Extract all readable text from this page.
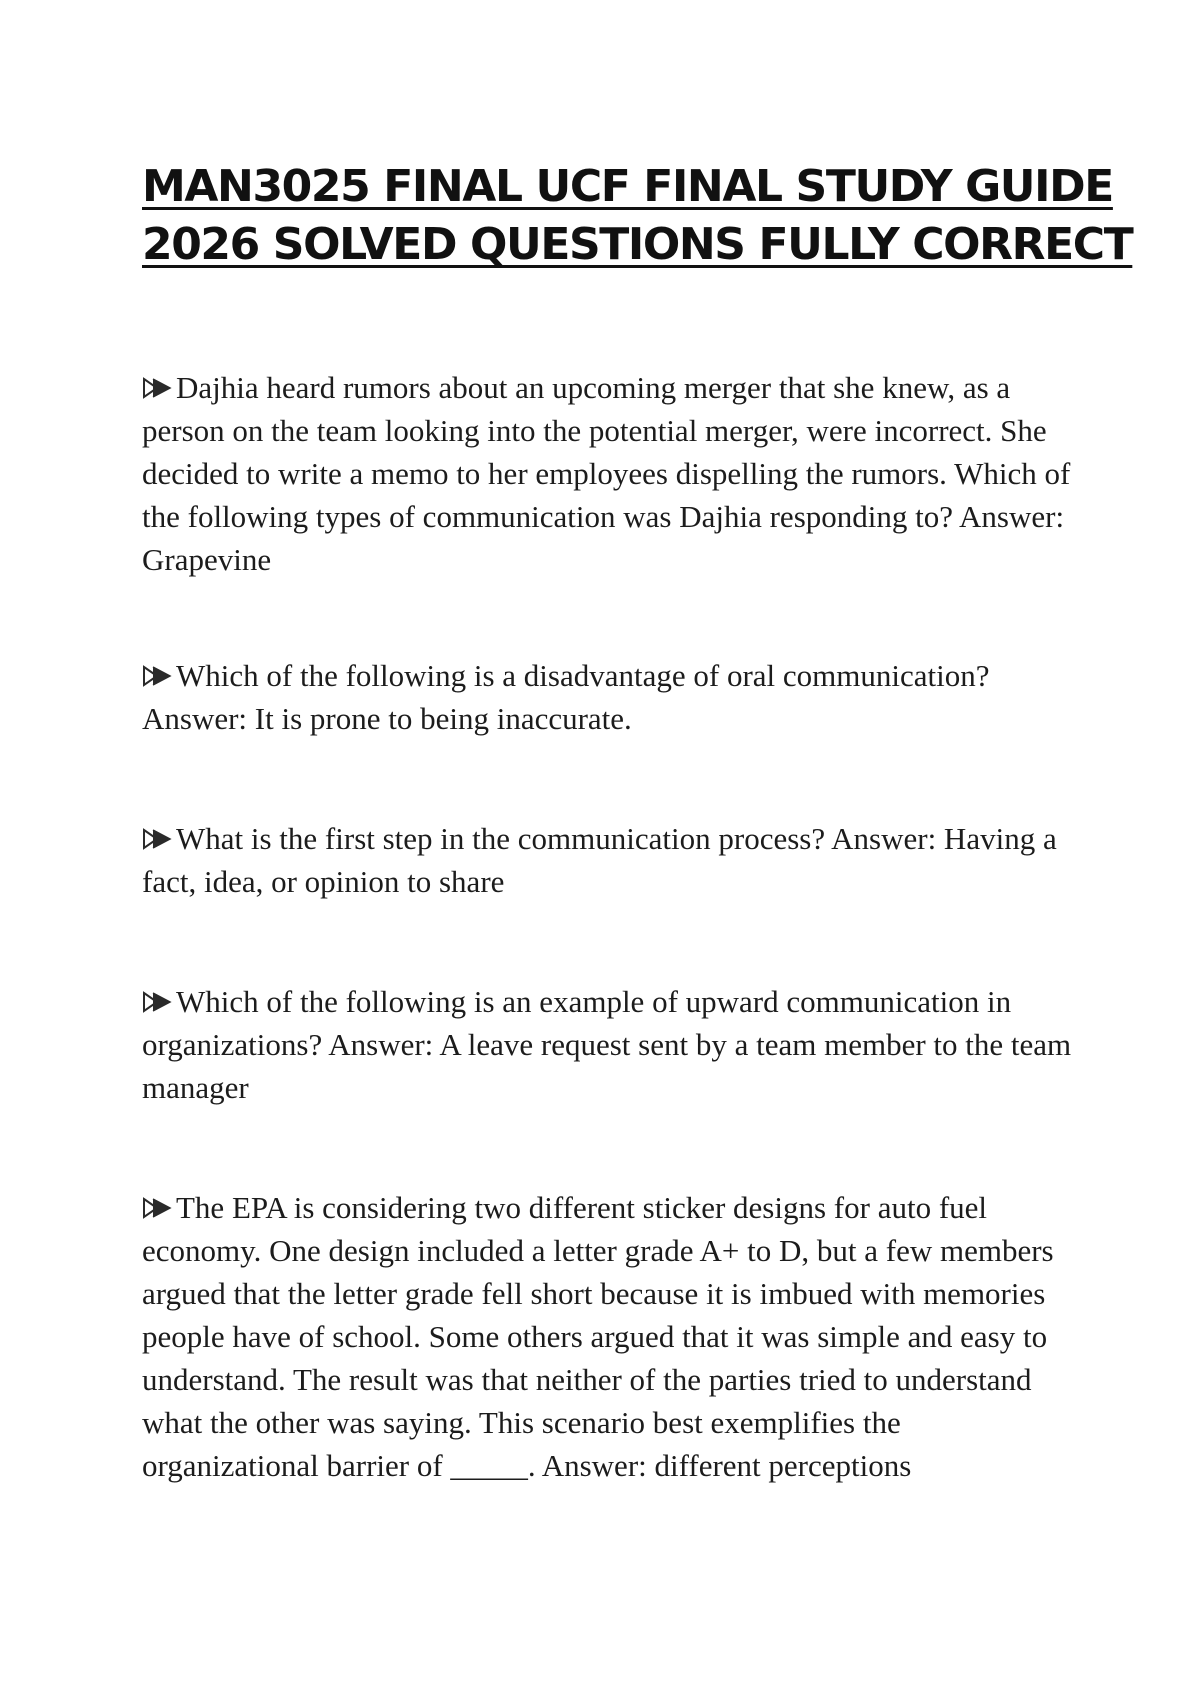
MAN3025 FINAL UCF FINAL STUDY GUIDE
2026 SOLVED QUESTIONS FULLY CORRECT

Dajhia heard rumors about an upcoming merger that she knew, as a person on the team looking into the potential merger, were incorrect. She decided to write a memo to her employees dispelling the rumors. Which of the following types of communication was Dajhia responding to? Answer: Grapevine

Which of the following is a disadvantage of oral communication? Answer: It is prone to being inaccurate.

What is the first step in the communication process? Answer: Having a fact, idea, or opinion to share

Which of the following is an example of upward communication in organizations? Answer: A leave request sent by a team member to the team manager

The EPA is considering two different sticker designs for auto fuel economy. One design included a letter grade A+ to D, but a few members argued that the letter grade fell short because it is imbued with memories people have of school. Some others argued that it was simple and easy to understand. The result was that neither of the parties tried to understand what the other was saying. This scenario best exemplifies the organizational barrier of _____. Answer: different perceptions
